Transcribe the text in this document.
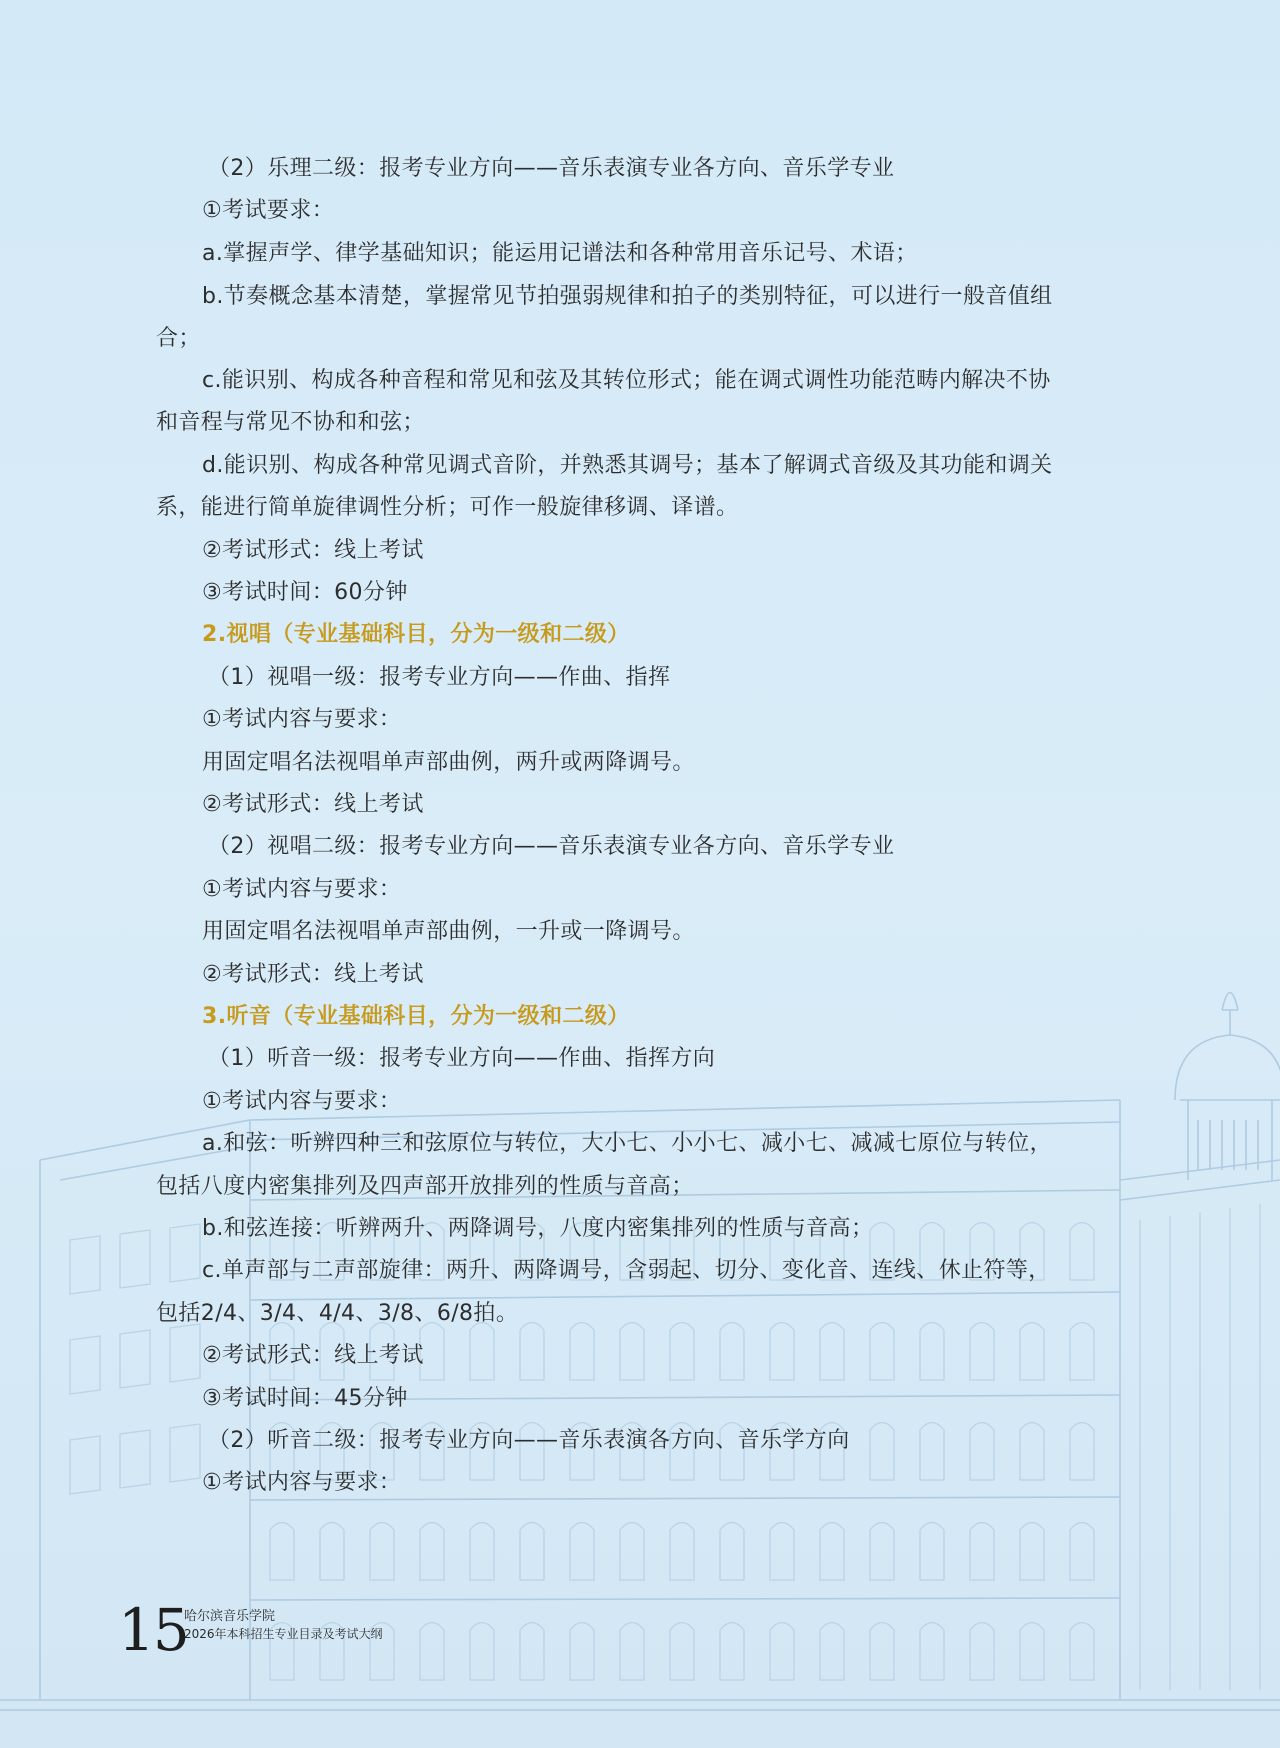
（2）乐理二级：报考专业方向——音乐表演专业各方向、音乐学专业

①考试要求：

a.掌握声学、律学基础知识；能运用记谱法和各种常用音乐记号、术语；

b.节奏概念基本清楚，掌握常见节拍强弱规律和拍子的类别特征，可以进行一般音值组

合；

c.能识别、构成各种音程和常见和弦及其转位形式；能在调式调性功能范畴内解决不协

和音程与常见不协和和弦；

d.能识别、构成各种常见调式音阶，并熟悉其调号；基本了解调式音级及其功能和调关

系，能进行简单旋律调性分析；可作一般旋律移调、译谱。

②考试形式：线上考试

③考试时间：60分钟

2.视唱（专业基础科目，分为一级和二级）

（1）视唱一级：报考专业方向——作曲、指挥

①考试内容与要求：

用固定唱名法视唱单声部曲例，两升或两降调号。

②考试形式：线上考试

（2）视唱二级：报考专业方向——音乐表演专业各方向、音乐学专业

①考试内容与要求：

用固定唱名法视唱单声部曲例，一升或一降调号。

②考试形式：线上考试

3.听音（专业基础科目，分为一级和二级）

（1）听音一级：报考专业方向——作曲、指挥方向

①考试内容与要求：

a.和弦：听辨四种三和弦原位与转位，大小七、小小七、减小七、减减七原位与转位，

包括八度内密集排列及四声部开放排列的性质与音高；

b.和弦连接：听辨两升、两降调号，八度内密集排列的性质与音高；

c.单声部与二声部旋律：两升、两降调号，含弱起、切分、变化音、连线、休止符等，

包括2/4、3/4、4/4、3/8、6/8拍。

②考试形式：线上考试

③考试时间：45分钟

（2）听音二级：报考专业方向——音乐表演各方向、音乐学方向

①考试内容与要求：

15
哈尔滨音乐学院
2026年本科招生专业目录及考试大纲
